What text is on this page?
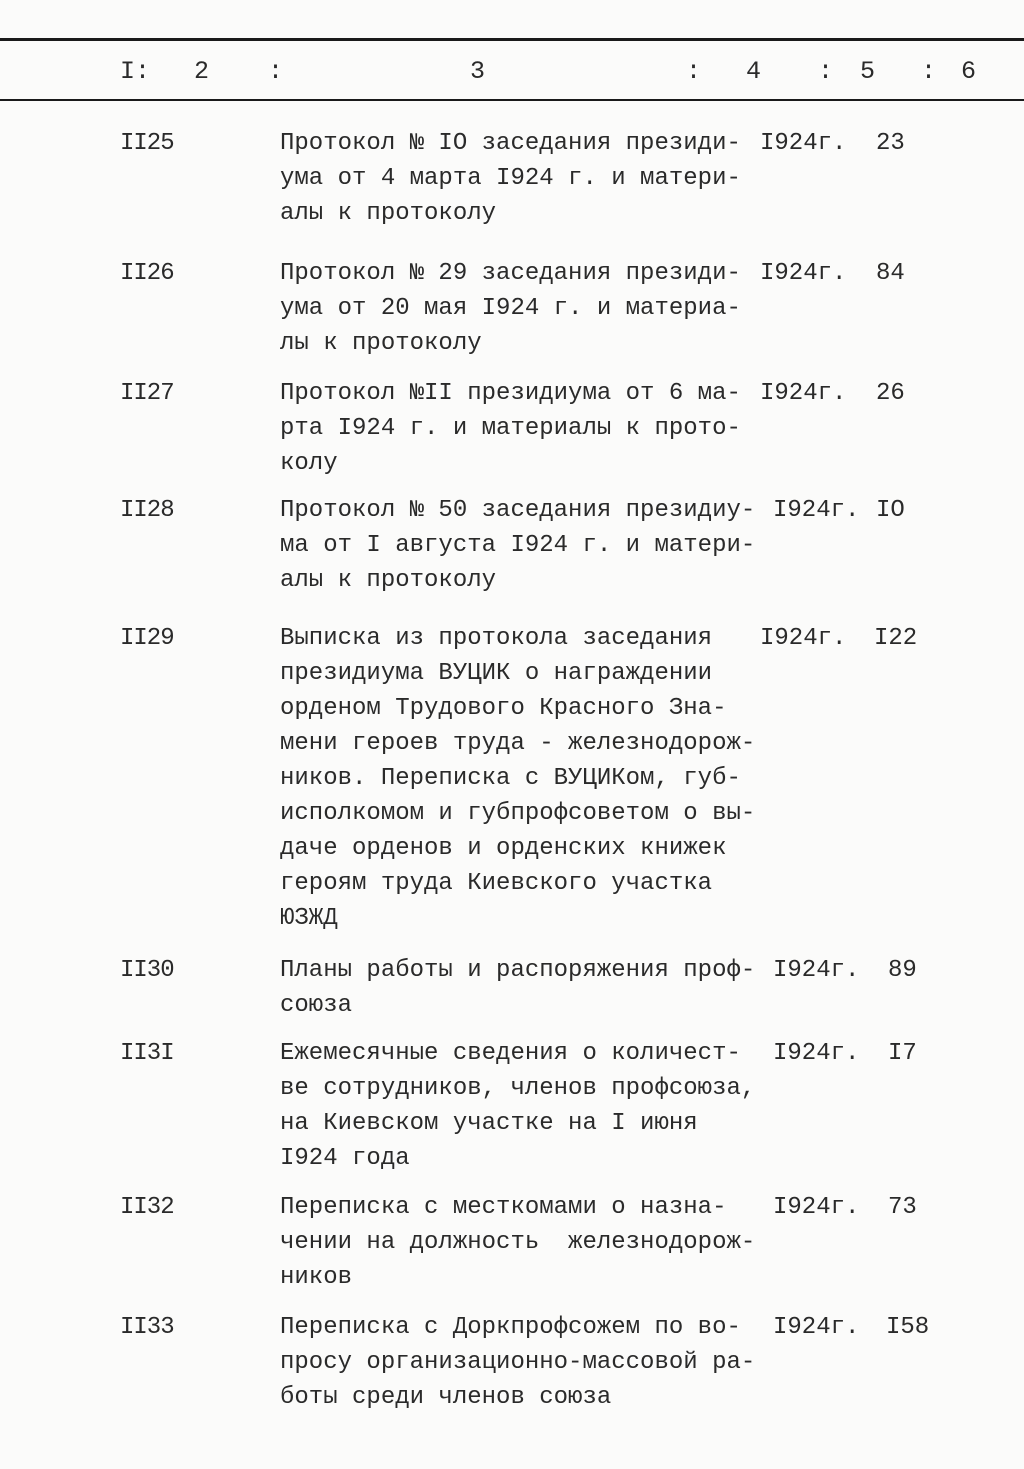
I: 2 :	3	: 4 : 5 : 6
II25	Протокол № IO заседания президи-
ума от 4 марта I924 г. и матери-
алы к протоколу
I924г. 23
II26	Протокол № 29 заседания президи-
ума от 20 мая I924 г. и материа-
лы к протоколу
I924г. 84
II27	Протокол №II президиума от 6 ма-
рта I924 г. и материалы к прото-
колу
I924г. 26
II28	Протокол № 50 заседания президиу-
ма от I августа I924 г. и матери-
алы к протоколу
I924г. IO
II29	Выписка из протокола заседания
президиума ВУЦИК о награждении
орденом Трудового Красного Зна-
мени героев труда - железнодорож-
ников. Переписка с ВУЦИКом, губ-
исполкомом и губпрофсоветом о вы-
даче орденов и орденских книжек
героям труда Киевского участка
ЮЗЖД
I924г. I22
II30	Планы работы и распоряжения проф-
союза
I924г. 89
II3I	Ежемесячные сведения о количест-
ве сотрудников, членов профсоюза,
на Киевском участке на I июня
I924 года
I924г. I7
II32	Переписка с месткомами о назна-
чении на должность  железнодорож-
ников
I924г. 73
II33	Переписка с Доркпрофсожем по во-
просу организационно-массовой ра-
боты среди членов союза
I924г. I58
